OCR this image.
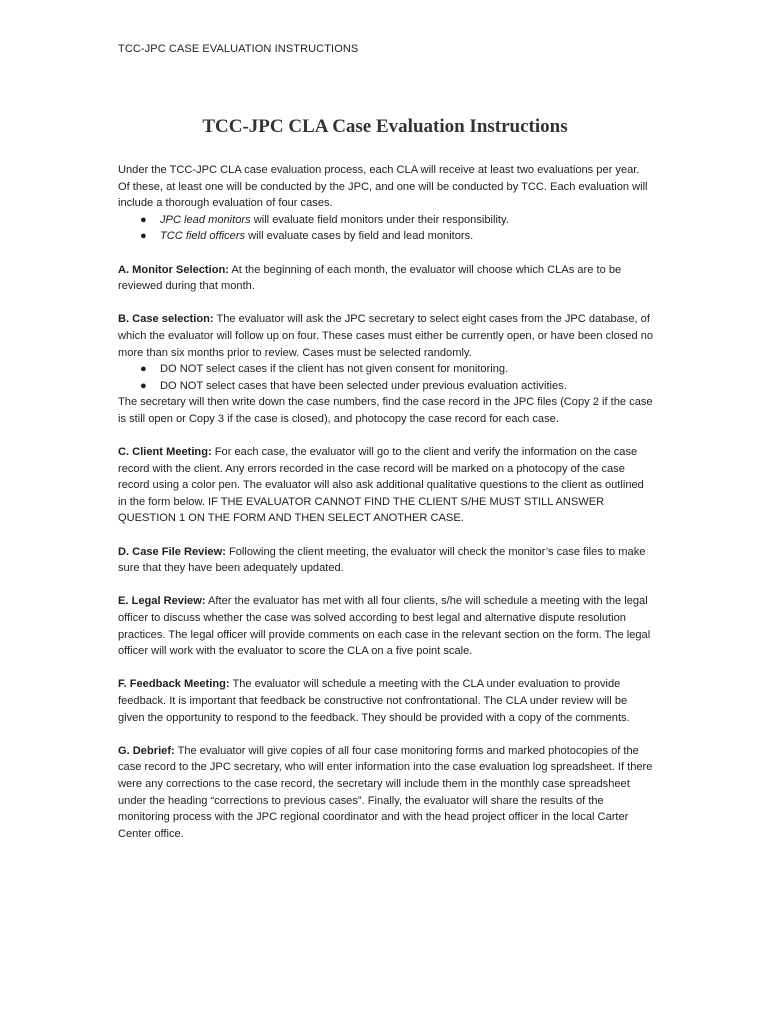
TCC-JPC CASE EVALUATION INSTRUCTIONS
TCC-JPC CLA Case Evaluation Instructions

Under the TCC-JPC CLA case evaluation process, each CLA will receive at least two evaluations per year. Of these, at least one will be conducted by the JPC, and one will be conducted by TCC. Each evaluation will include a thorough evaluation of four cases.

● JPC lead monitors will evaluate field monitors under their responsibility.
● TCC field officers will evaluate cases by field and lead monitors.

A. Monitor Selection: At the beginning of each month, the evaluator will choose which CLAs are to be reviewed during that month.

B. Case selection: The evaluator will ask the JPC secretary to select eight cases from the JPC database, of which the evaluator will follow up on four. These cases must either be currently open, or have been closed no more than six months prior to review. Cases must be selected randomly.

● DO NOT select cases if the client has not given consent for monitoring.
● DO NOT select cases that have been selected under previous evaluation activities.

The secretary will then write down the case numbers, find the case record in the JPC files (Copy 2 if the case is still open or Copy 3 if the case is closed), and photocopy the case record for each case.

C. Client Meeting: For each case, the evaluator will go to the client and verify the information on the case record with the client. Any errors recorded in the case record will be marked on a photocopy of the case record using a color pen. The evaluator will also ask additional qualitative questions to the client as outlined in the form below. IF THE EVALUATOR CANNOT FIND THE CLIENT S/HE MUST STILL ANSWER QUESTION 1 ON THE FORM AND THEN SELECT ANOTHER CASE.

D. Case File Review: Following the client meeting, the evaluator will check the monitor’s case files to make sure that they have been adequately updated.

E. Legal Review: After the evaluator has met with all four clients, s/he will schedule a meeting with the legal officer to discuss whether the case was solved according to best legal and alternative dispute resolution practices. The legal officer will provide comments on each case in the relevant section on the form. The legal officer will work with the evaluator to score the CLA on a five point scale.

F. Feedback Meeting: The evaluator will schedule a meeting with the CLA under evaluation to provide feedback. It is important that feedback be constructive not confrontational. The CLA under review will be given the opportunity to respond to the feedback. They should be provided with a copy of the comments.

G. Debrief: The evaluator will give copies of all four case monitoring forms and marked photocopies of the case record to the JPC secretary, who will enter information into the case evaluation log spreadsheet. If there were any corrections to the case record, the secretary will include them in the monthly case spreadsheet under the heading “corrections to previous cases”. Finally, the evaluator will share the results of the monitoring process with the JPC regional coordinator and with the head project officer in the local Carter Center office.
